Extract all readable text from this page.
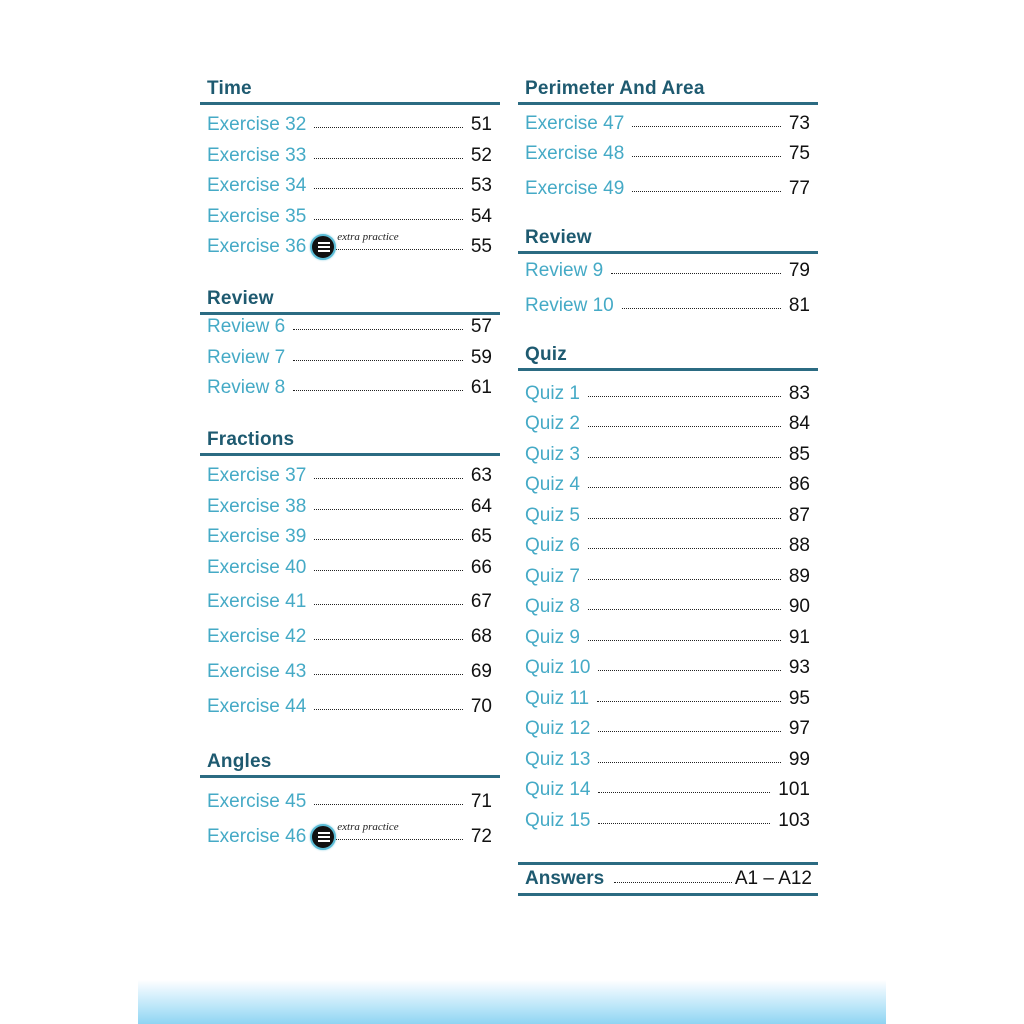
Time
Exercise 32	51
Exercise 33	52
Exercise 34	53
Exercise 35	54
Exercise 36	extra practice	55
Review
Review 6	57
Review 7	59
Review 8	61
Fractions
Exercise 37	63
Exercise 38	64
Exercise 39	65
Exercise 40	66
Exercise 41	67
Exercise 42	68
Exercise 43	69
Exercise 44	70
Angles
Exercise 45	71
Exercise 46	extra practice	72
Perimeter And Area
Exercise 47	73
Exercise 48	75
Exercise 49	77
Review
Review 9	79
Review 10	81
Quiz
Quiz 1	83
Quiz 2	84
Quiz 3	85
Quiz 4	86
Quiz 5	87
Quiz 6	88
Quiz 7	89
Quiz 8	90
Quiz 9	91
Quiz 10	93
Quiz 11	95
Quiz 12	97
Quiz 13	99
Quiz 14	101
Quiz 15	103
Answers	A1 – A12
